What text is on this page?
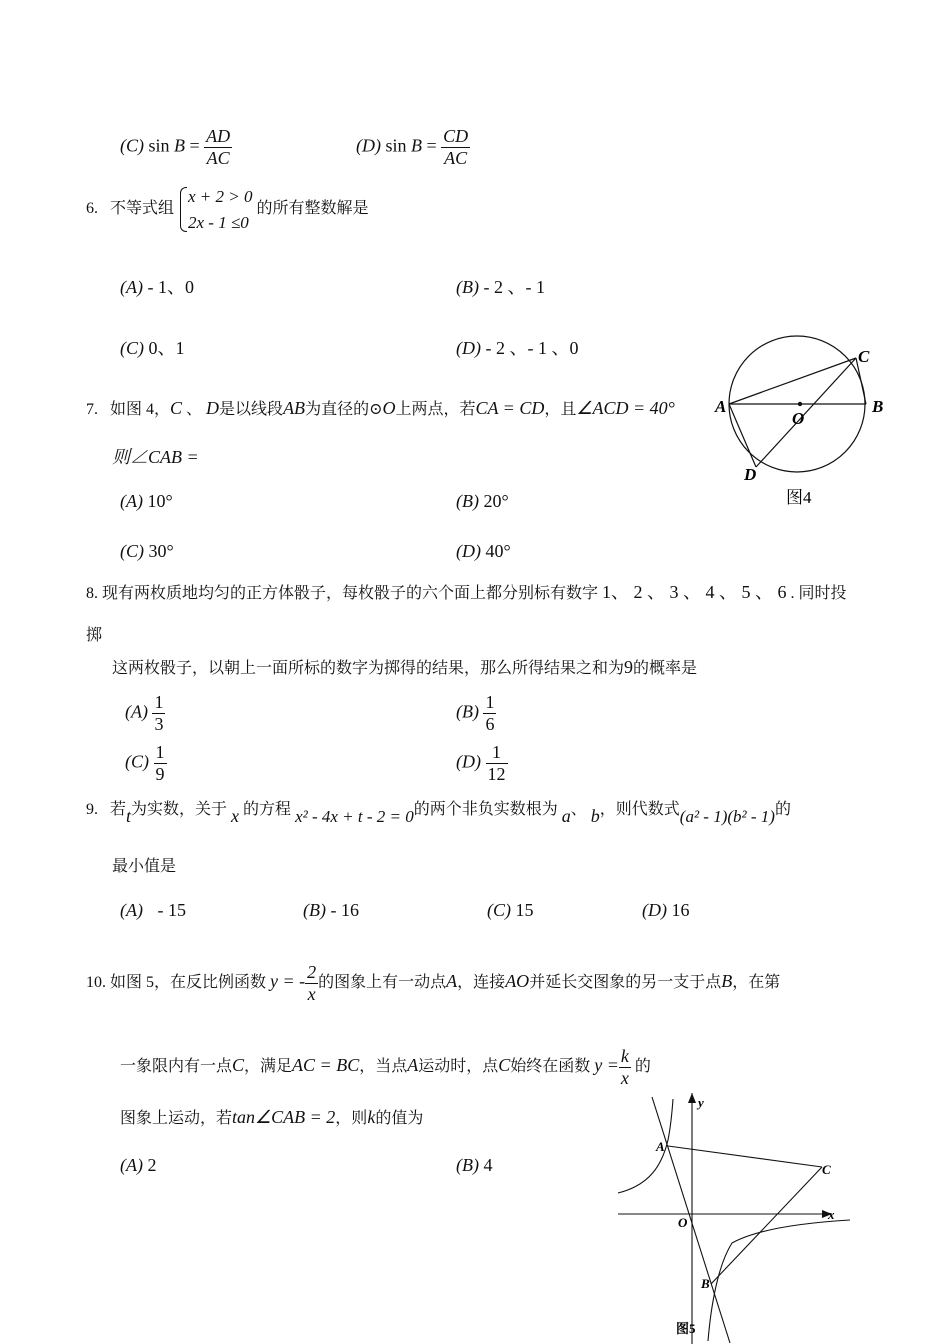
(C) $\sin B = \frac{AD}{AC}$	(D) $\sin B = \frac{CD}{AC}$
6. 不等式组
x + 2 > 0
2x - 1 ≤0
的所有整数解是
(A) - 1、0	(B) - 2 、- 1
(C) 0、1	(D) - 2 、- 1 、0
7. 如图 4，C 、 D是以线段AB为直径的⊙O上两点，若CA = CD，且∠ACD = 40°
则∠CAB =
(A) 10°	(B) 20°
(C) 30°	(D) 40°
A	B
C
D
O
图4
8. 现有两枚质地均匀的正方体骰子，每枚骰子的六个面上都分别标有数字 1、 2 、 3 、 4 、 5 、 6 . 同时投
掷
这两枚骰子，以朝上一面所标的数字为掷得的结果，那么所得结果之和为9的概率是
$(A) \frac{1}{3}$	$(B) \frac{1}{6}$
$(C) \frac{1}{9}$	$(D) \frac{1}{12}$
9. 若t为实数，关于 x 的方程 x² - 4x + t - 2 = 0的两个非负实数根为 a、 b，则代数式(a² - 1)(b² - 1)的
最小值是
(A) - 15	(B) - 16	(C) 15	(D) 16
10. 如图 5，在反比例函数 y = - $\frac{2}{x}$ 的图象上有一动点A，连接AO并延长交图象的另一支于点B，在第
一象限内有一点C，满足AC = BC，当点A运动时，点C始终在函数 $y = \frac{k}{x}$ 的
图象上运动，若tan∠CAB = 2，则k的值为
(A) 2	(B) 4
y
x
O
A
C
B
图5
